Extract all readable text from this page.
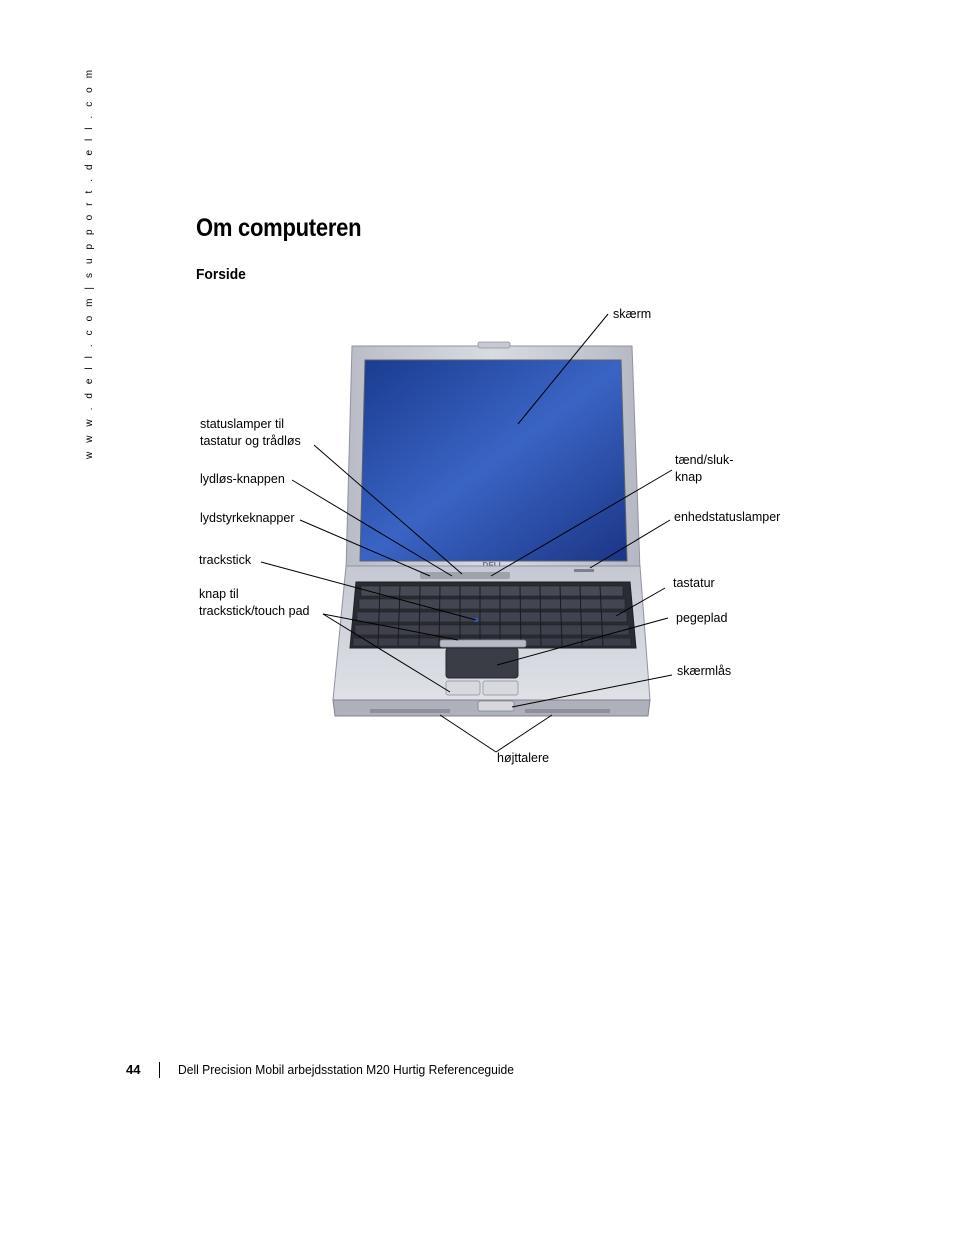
w w w . d e l l . c o m | s u p p o r t . d e l l . c o m	Om computeren
Forside
skærm
statuslamper til
tastatur og trådløs
lydløs-knappen
lydstyrkeknapper
trackstick
knap til
trackstick/touch pad
tænd/sluk-
knap
enhedstatuslamper
tastatur
pegeplad
skærmlås
højttalere
44	Dell Precision Mobil arbejdsstation M20 Hurtig Referenceguide
